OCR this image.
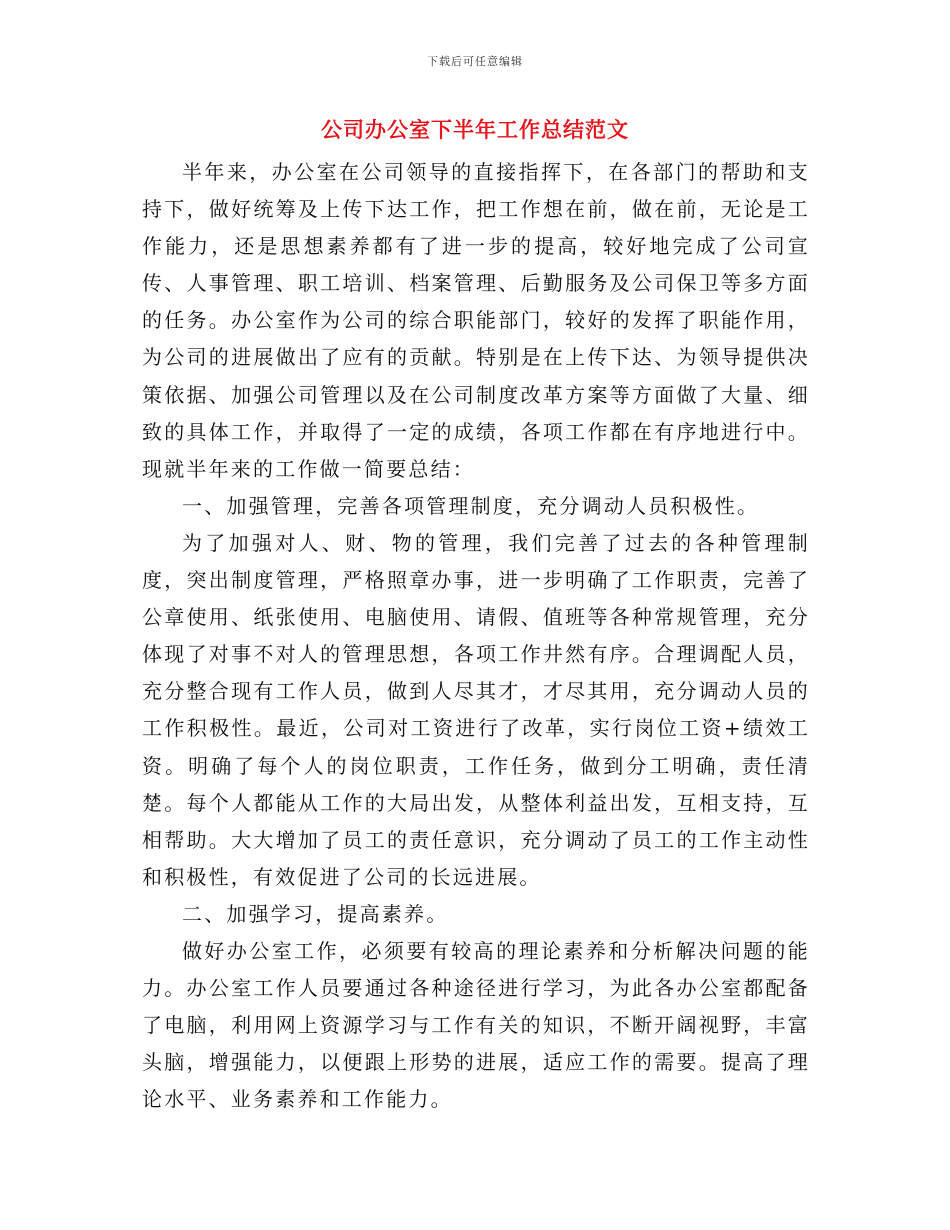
下载后可任意编辑
公司办公室下半年工作总结范文

半年来，办公室在公司领导的直接指挥下，在各部门的帮助和支持下，做好统筹及上传下达工作，把工作想在前，做在前，无论是工作能力，还是思想素养都有了进一步的提高，较好地完成了公司宣传、人事管理、职工培训、档案管理、后勤服务及公司保卫等多方面的任务。办公室作为公司的综合职能部门，较好的发挥了职能作用，为公司的进展做出了应有的贡献。特别是在上传下达、为领导提供决策依据、加强公司管理以及在公司制度改革方案等方面做了大量、细致的具体工作，并取得了一定的成绩，各项工作都在有序地进行中。现就半年来的工作做一简要总结：

一、加强管理，完善各项管理制度，充分调动人员积极性。

为了加强对人、财、物的管理，我们完善了过去的各种管理制度，突出制度管理，严格照章办事，进一步明确了工作职责，完善了公章使用、纸张使用、电脑使用、请假、值班等各种常规管理，充分体现了对事不对人的管理思想，各项工作井然有序。合理调配人员，充分整合现有工作人员，做到人尽其才，才尽其用，充分调动人员的工作积极性。最近，公司对工资进行了改革，实行岗位工资+绩效工资。明确了每个人的岗位职责，工作任务，做到分工明确，责任清楚。每个人都能从工作的大局出发，从整体利益出发，互相支持，互相帮助。大大增加了员工的责任意识，充分调动了员工的工作主动性和积极性，有效促进了公司的长远进展。

二、加强学习，提高素养。

做好办公室工作，必须要有较高的理论素养和分析解决问题的能力。办公室工作人员要通过各种途径进行学习，为此各办公室都配备了电脑，利用网上资源学习与工作有关的知识，不断开阔视野，丰富头脑，增强能力，以便跟上形势的进展，适应工作的需要。提高了理论水平、业务素养和工作能力。
